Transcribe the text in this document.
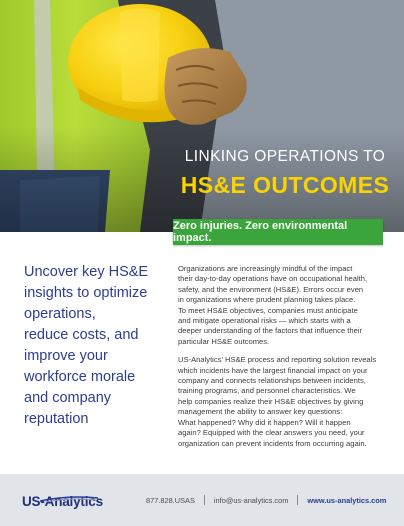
LINKING OPERATIONS TO
HS&E OUTCOMES
Zero injuries. Zero environmental impact.
Uncover key HS&E
insights to optimize
operations,
reduce costs, and
improve your
workforce morale
and company
reputation

Organizations are increasingly mindful of the impact
their day-to-day operations have on occupational health,
safety, and the environment (HS&E). Errors occur even
in organizations where prudent planning takes place.
To meet HS&E objectives, companies must anticipate
and mitigate operational risks — which starts with a
deeper understanding of the factors that influence their
particular HS&E outcomes.

US-Analytics' HS&E process and reporting solution reveals
which incidents have the largest financial impact on your
company and connects relationships between incidents,
training programs, and personnel characteristics. We
help companies realize their HS&E objectives by giving
management the ability to answer key questions:
What happened? Why did it happen? Will it happen
again? Equipped with the clear answers you need, your
organization can prevent incidents from occurring again.

US-Analytics	877.828.USAS	info@us-analytics.com	www.us-analytics.com
